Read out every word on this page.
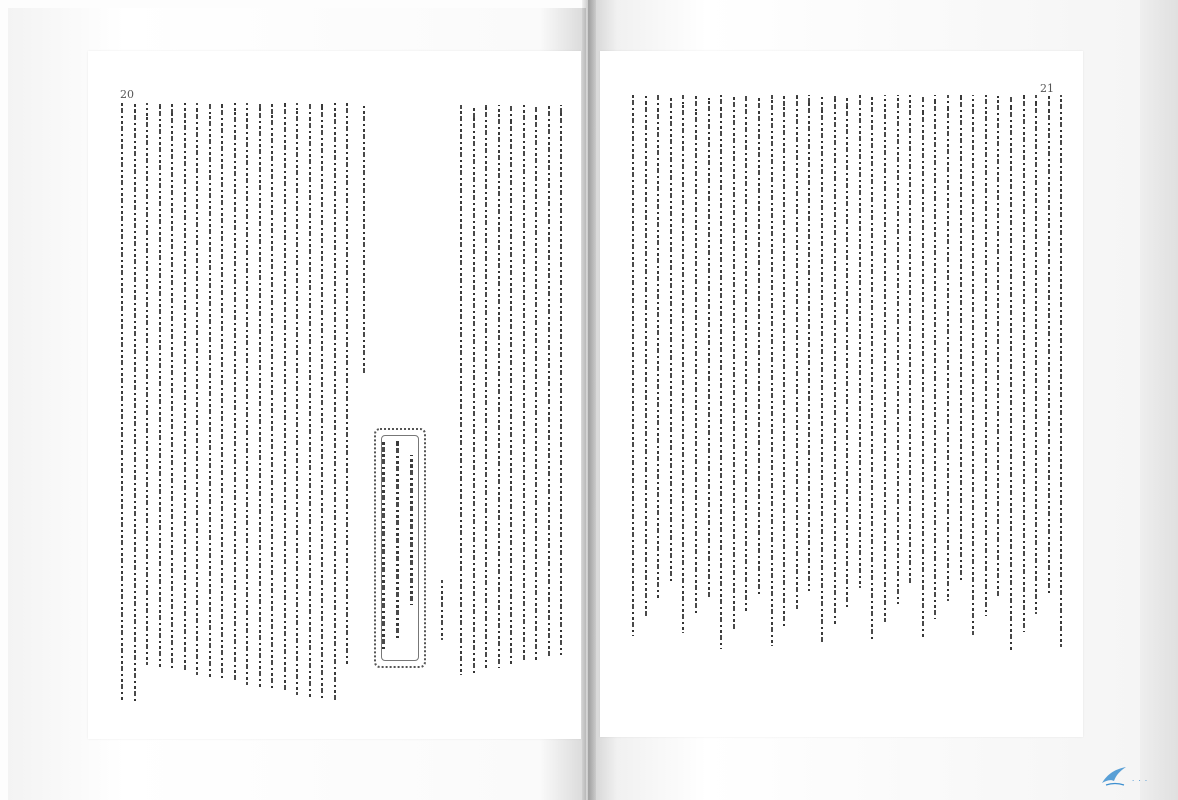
20	21
· · ·
